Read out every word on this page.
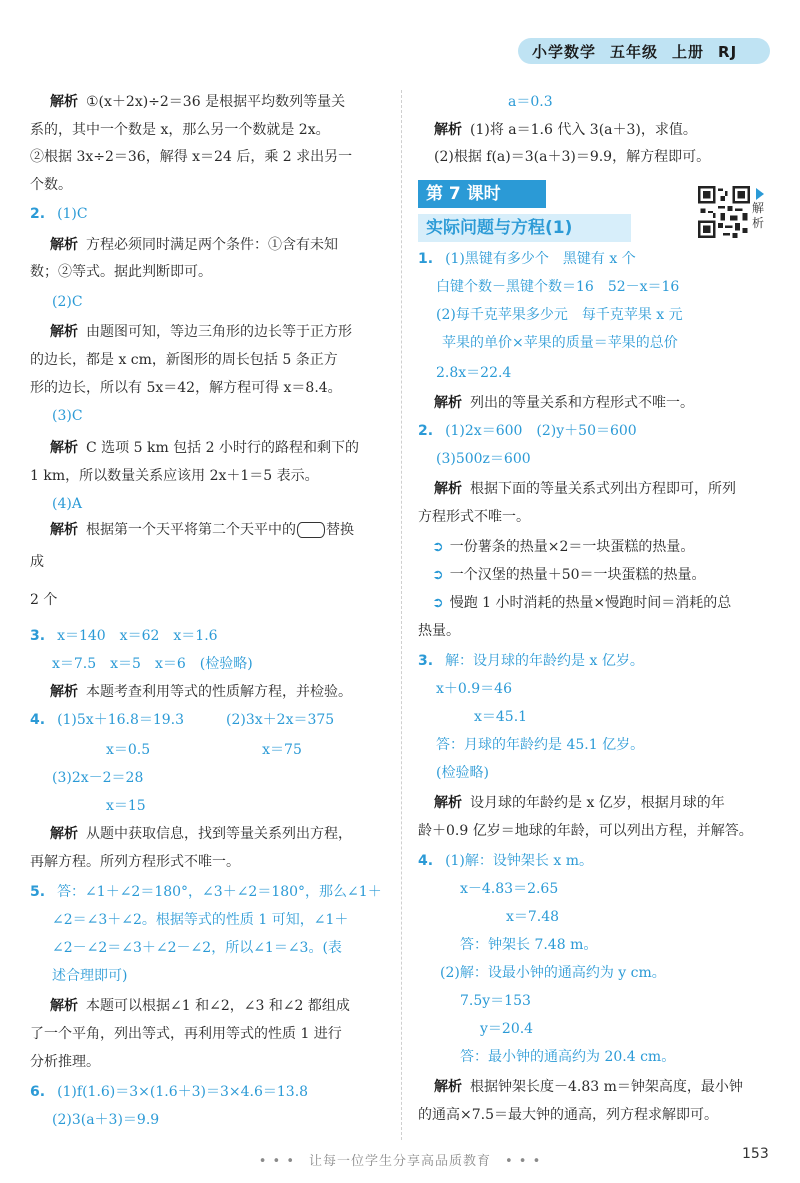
小学数学 五年级 上册 RJ
解析 ①(x＋2x)÷2＝36 是根据平均数列等量关
系的，其中一个数是 x，那么另一个数就是 2x。
②根据 3x÷2＝36，解得 x＝24 后，乘 2 求出另一
个数。
2. (1)C
解析 方程必须同时满足两个条件：①含有未知
数；②等式。据此判断即可。
(2)C
解析 由题图可知，等边三角形的边长等于正方形
的边长，都是 x cm，新图形的周长包括 5 条正方
形的边长，所以有 5x＝42，解方程可得 x＝8.4。
(3)C
解析 C 选项 5 km 包括 2 小时行的路程和剩下的
1 km，所以数量关系应该用 2x＋1＝5 表示。
(4)A
解析 根据第一个天平将第二个天平中的 替换
成
2 个
3. x＝140　x＝62　x＝1.6
x＝7.5　x＝5　x＝6　(检验略)
解析 本题考查利用等式的性质解方程，并检验。
4. (1)5x＋16.8＝19.3　　　(2)3x＋2x＝375
x＝0.5　　　　　　　　x＝75
(3)2x－2＝28
x＝15
解析 从题中获取信息，找到等量关系列出方程，
再解方程。所列方程形式不唯一。
5. 答：∠1＋∠2＝180°，∠3＋∠2＝180°，那么∠1＋
∠2＝∠3＋∠2。根据等式的性质 1 可知，∠1＋
∠2－∠2＝∠3＋∠2－∠2，所以∠1＝∠3。(表
述合理即可)
解析 本题可以根据∠1 和∠2，∠3 和∠2 都组成
了一个平角，列出等式，再利用等式的性质 1 进行
分析推理。
6. (1)f(1.6)＝3×(1.6＋3)＝3×4.6＝13.8
(2)3(a＋3)＝9.9
a＝0.3
解析 (1)将 a＝1.6 代入 3(a＋3)，求值。
(2)根据 f(a)＝3(a＋3)＝9.9，解方程即可。
第 7 课时
实际问题与方程(1)
解析
1. (1)黑键有多少个　黑键有 x 个
白键个数－黑键个数＝16　52－x＝16
(2)每千克苹果多少元　每千克苹果 x 元
苹果的单价×苹果的质量＝苹果的总价
2.8x＝22.4
解析 列出的等量关系和方程形式不唯一。
2. (1)2x＝600　(2)y＋50＝600
(3)500z＝600
解析 根据下面的等量关系式列出方程即可，所列
方程形式不唯一。
➲ 一份薯条的热量×2＝一块蛋糕的热量。
➲ 一个汉堡的热量＋50＝一块蛋糕的热量。
➲ 慢跑 1 小时消耗的热量×慢跑时间＝消耗的总
热量。
3. 解：设月球的年龄约是 x 亿岁。
x＋0.9＝46
x＝45.1
答：月球的年龄约是 45.1 亿岁。
(检验略)
解析 设月球的年龄约是 x 亿岁，根据月球的年
龄＋0.9 亿岁＝地球的年龄，可以列出方程，并解答。
4. (1)解：设钟架长 x m。
x－4.83＝2.65
x＝7.48
答：钟架长 7.48 m。
(2)解：设最小钟的通高约为 y cm。
7.5y＝153
y＝20.4
答：最小钟的通高约为 20.4 cm。
解析 根据钟架长度－4.83 m＝钟架高度，最小钟
的通高×7.5＝最大钟的通高，列方程求解即可。
• • •　让每一位学生分享高品质教育　• • •	153
